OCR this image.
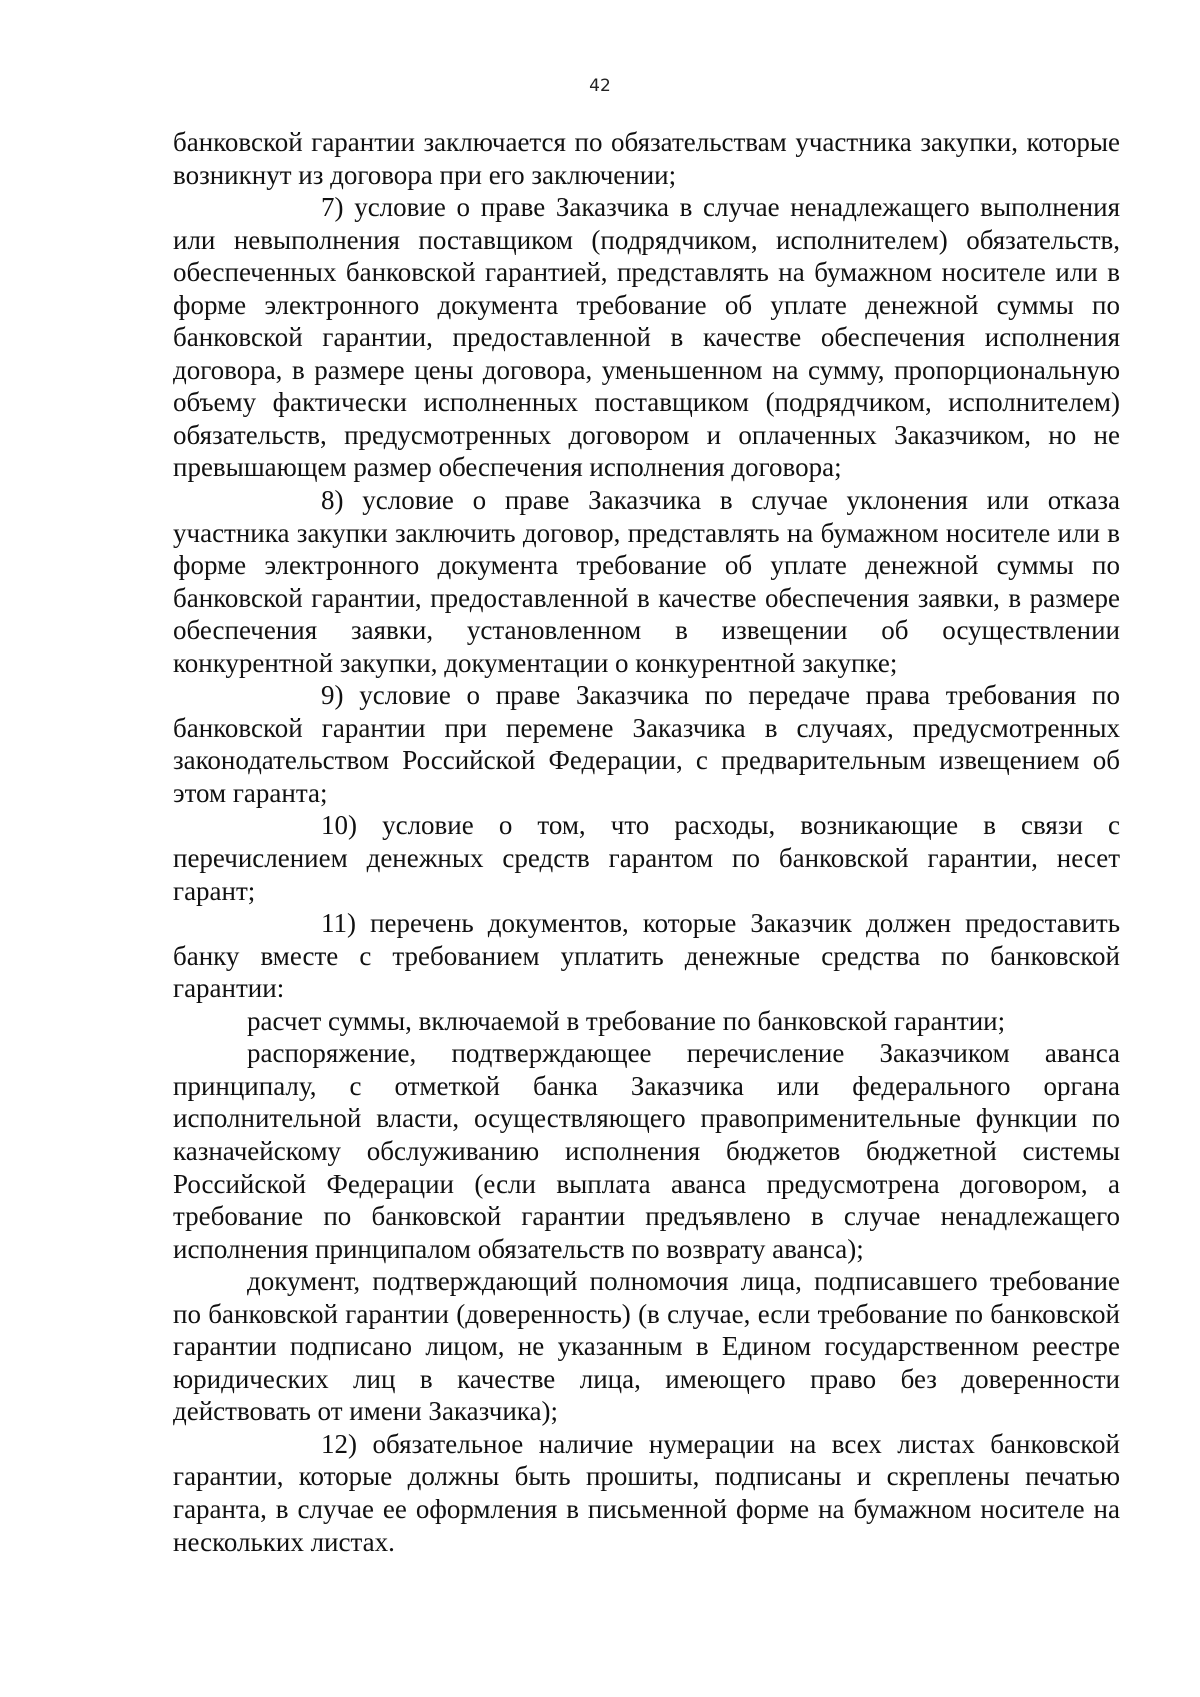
42

банковской гарантии заключается по обязательствам участника закупки, которые возникнут из договора при его заключении;

7) условие о праве Заказчика в случае ненадлежащего выполнения или невыполнения поставщиком (подрядчиком, исполнителем) обязательств, обеспеченных банковской гарантией, представлять на бумажном носителе или в форме электронного документа требование об уплате денежной суммы по банковской гарантии, предоставленной в качестве обеспечения исполнения договора, в размере цены договора, уменьшенном на сумму, пропорциональную объему фактически исполненных поставщиком (подрядчиком, исполнителем) обязательств, предусмотренных договором и оплаченных Заказчиком, но не превышающем размер обеспечения исполнения договора;

8) условие о праве Заказчика в случае уклонения или отказа участника закупки заключить договор, представлять на бумажном носителе или в форме электронного документа требование об уплате денежной суммы по банковской гарантии, предоставленной в качестве обеспечения заявки, в размере обеспечения заявки, установленном в извещении об осуществлении конкурентной закупки, документации о конкурентной закупке;

9) условие о праве Заказчика по передаче права требования по банковской гарантии при перемене Заказчика в случаях, предусмотренных законодательством Российской Федерации, с предварительным извещением об этом гаранта;

10) условие о том, что расходы, возникающие в связи с перечислением денежных средств гарантом по банковской гарантии, несет гарант;

11) перечень документов, которые Заказчик должен предоставить банку вместе с требованием уплатить денежные средства по банковской гарантии:

расчет суммы, включаемой в требование по банковской гарантии;

распоряжение, подтверждающее перечисление Заказчиком аванса принципалу, с отметкой банка Заказчика или федерального органа исполнительной власти, осуществляющего правоприменительные функции по казначейскому обслуживанию исполнения бюджетов бюджетной системы Российской Федерации (если выплата аванса предусмотрена договором, а требование по банковской гарантии предъявлено в случае ненадлежащего исполнения принципалом обязательств по возврату аванса);

документ, подтверждающий полномочия лица, подписавшего требование по банковской гарантии (доверенность) (в случае, если требование по банковской гарантии подписано лицом, не указанным в Едином государственном реестре юридических лиц в качестве лица, имеющего право без доверенности действовать от имени Заказчика);

12) обязательное наличие нумерации на всех листах банковской гарантии, которые должны быть прошиты, подписаны и скреплены печатью гаранта, в случае ее оформления в письменной форме на бумажном носителе на нескольких листах.
